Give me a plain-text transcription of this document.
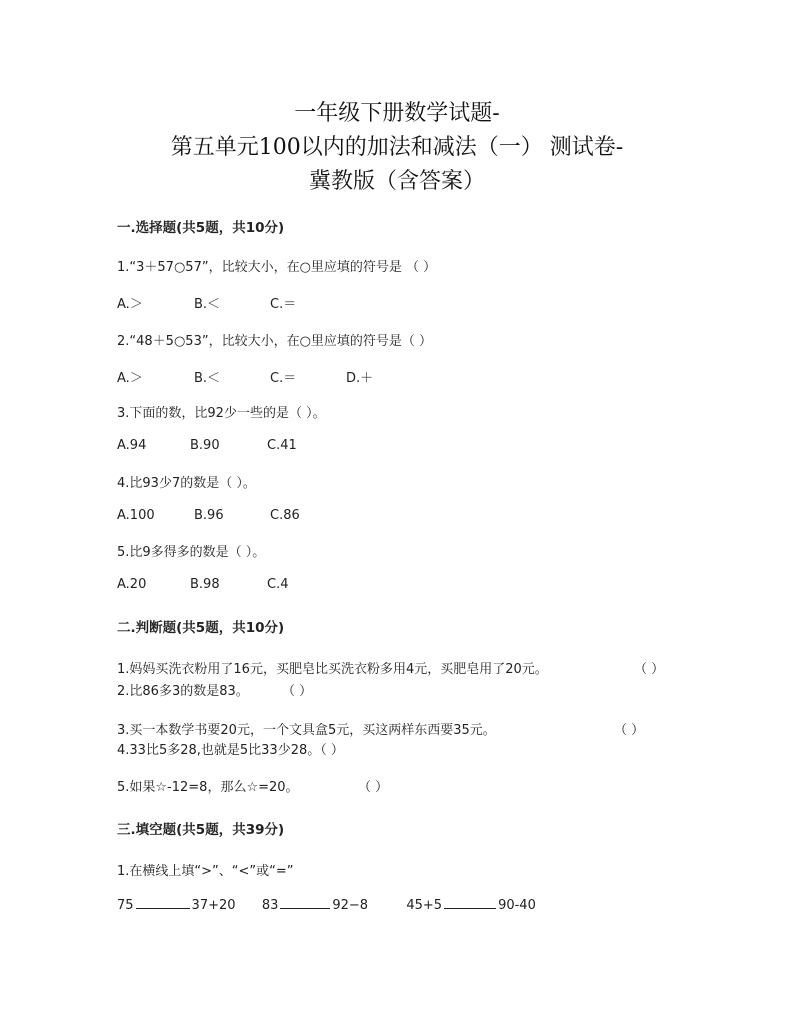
一年级下册数学试题-
第五单元100以内的加法和减法（一） 测试卷-
冀教版（含答案）
一.选择题(共5题，共10分)
1.“3＋57○57”，比较大小，在○里应填的符号是 （ ）
A.＞	B.＜	C.＝
2.“48＋5○53”，比较大小，在○里应填的符号是（ ）
A.＞	B.＜	C.＝	D.＋
3.下面的数，比92少一些的是（ ）。
A.94	B.90	C.41
4.比93少7的数是（ ）。
A.100	B.96	C.86
5.比9多得多的数是（ ）。
A.20	B.98	C.4
二.判断题(共5题，共10分)
1.妈妈买洗衣粉用了16元，买肥皂比买洗衣粉多用4元，买肥皂用了20元。	（ ）
2.比86多3的数是83。	（ ）
3.买一本数学书要20元，一个文具盒5元，买这两样东西要35元。	（ ）
4.33比5多28,也就是5比33少28。（ ）
5.如果☆-12=8，那么☆=20。	（ ）
三.填空题(共5题，共39分)
1.在横线上填“>”、“<”或“=”
75	37+20 83	92−8	45+5	90-40
